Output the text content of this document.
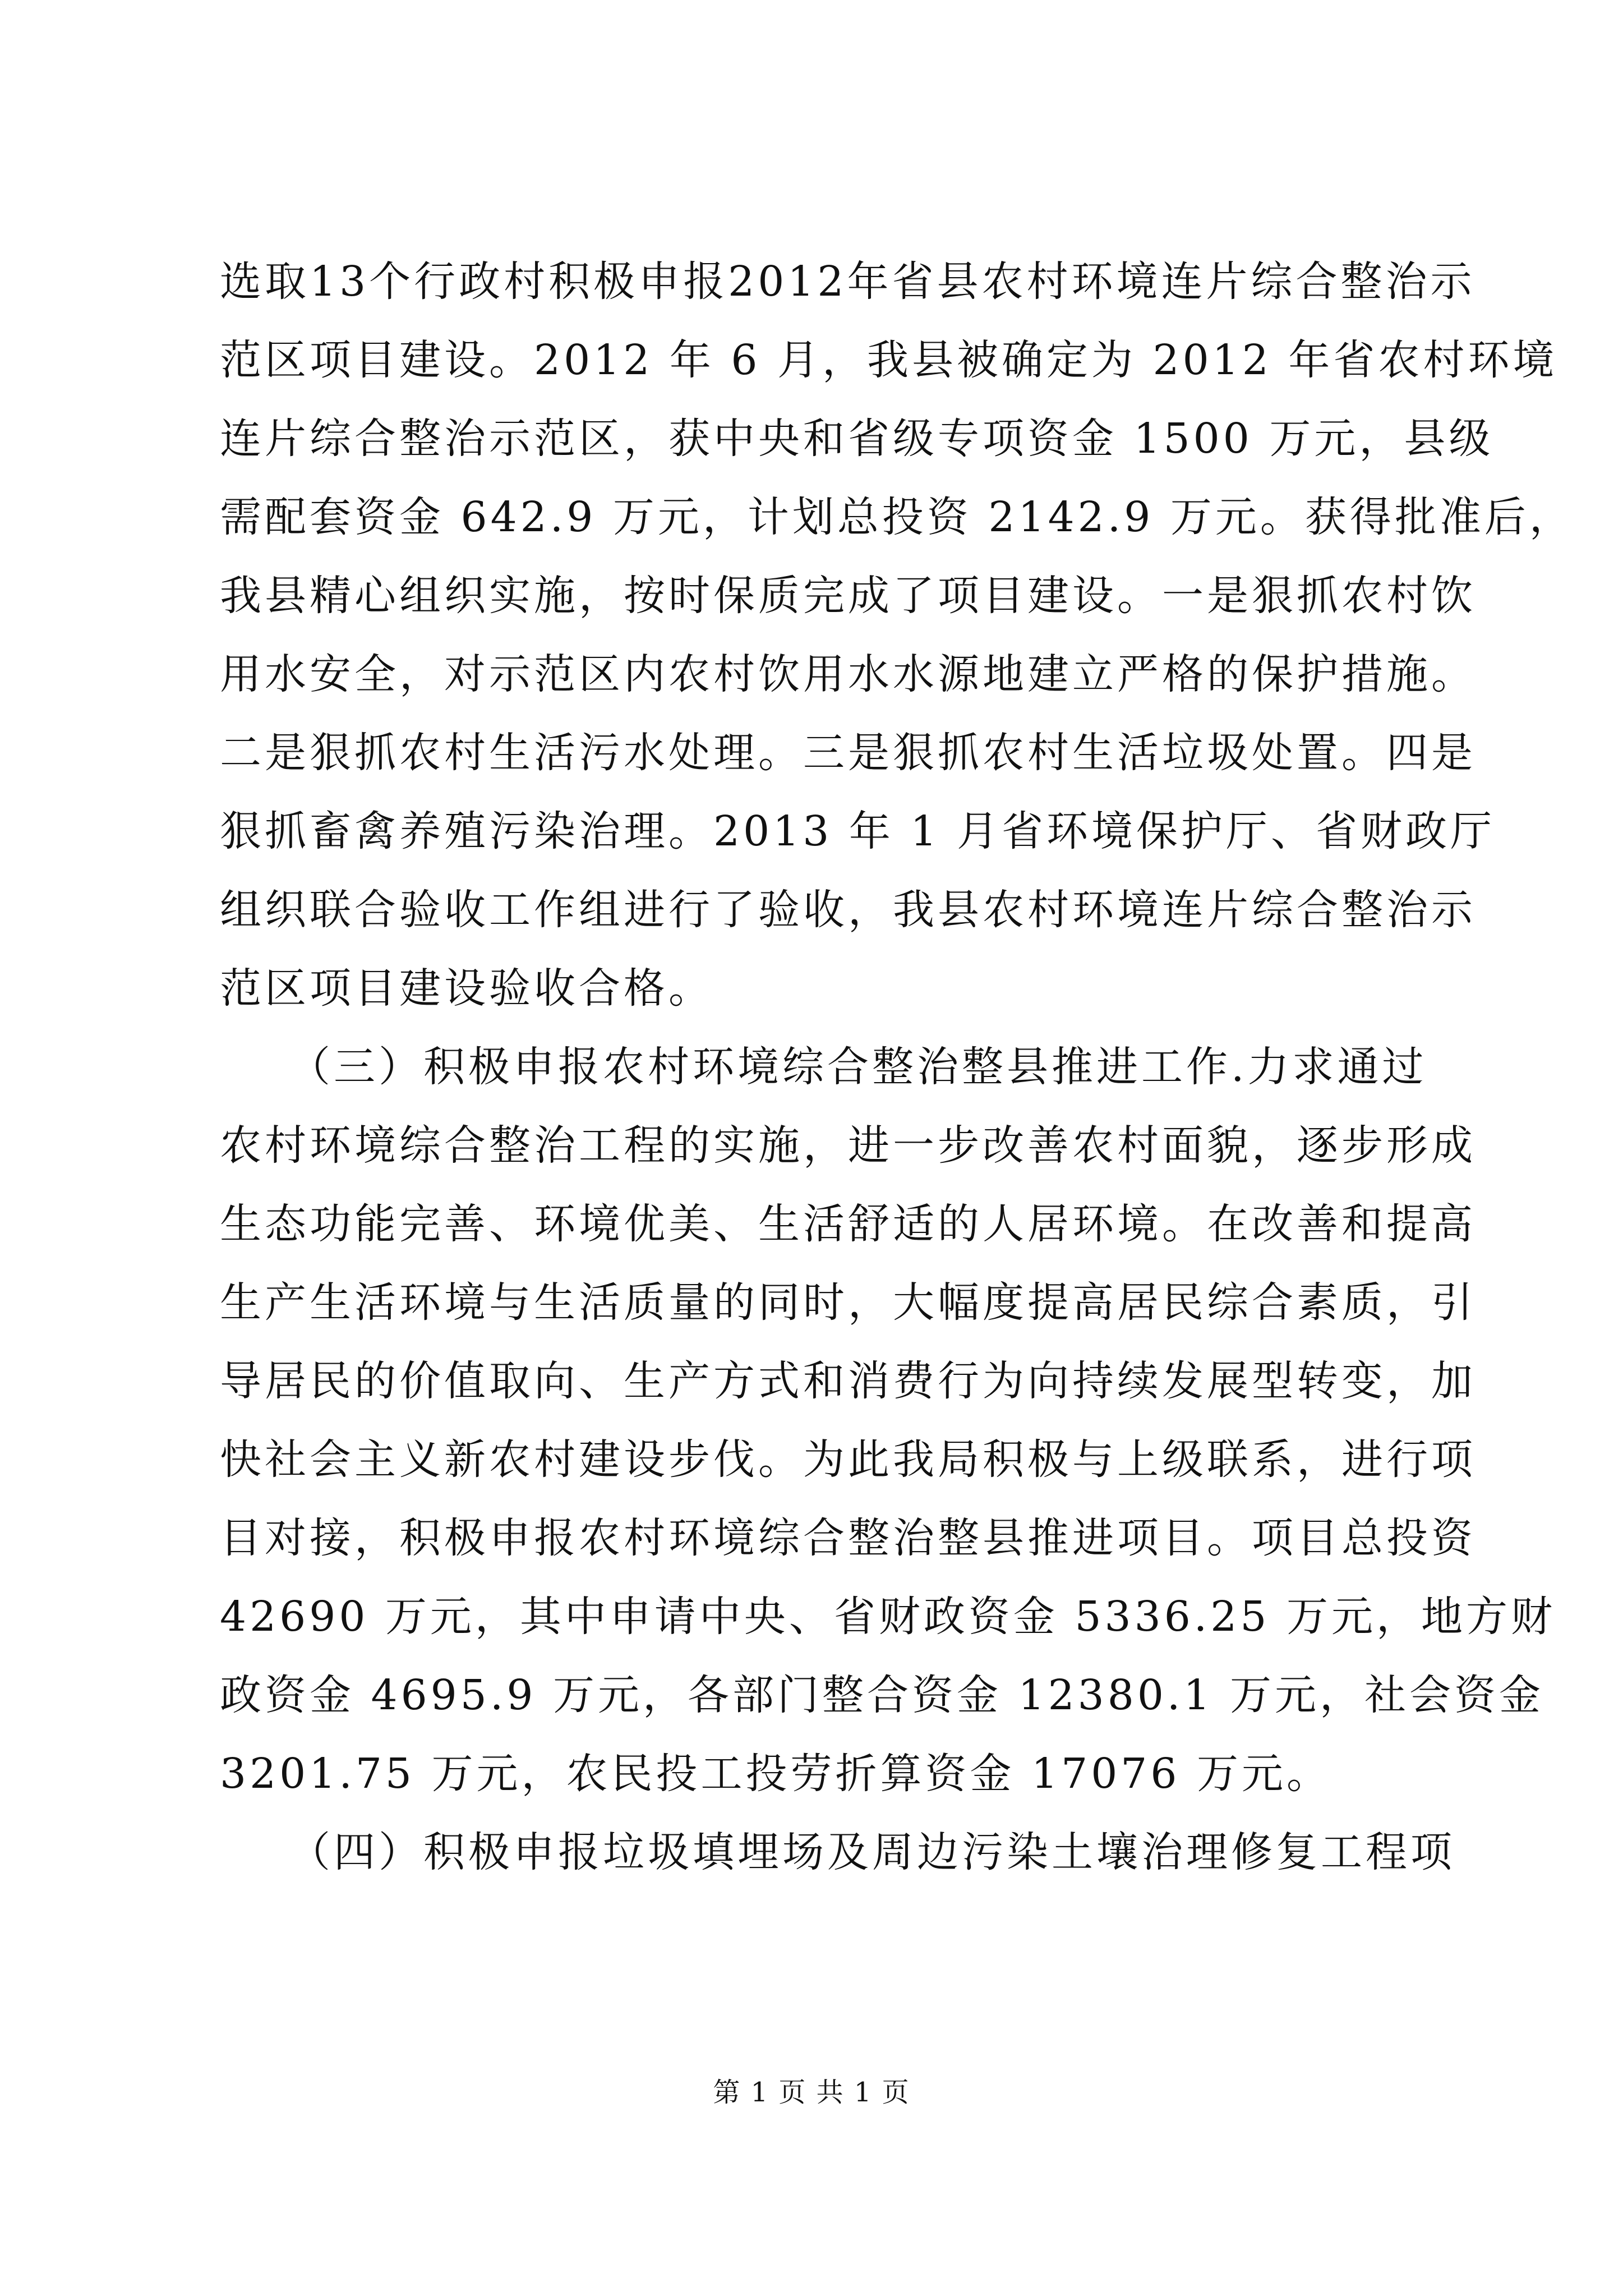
选取13个行政村积极申报2012年省县农村环境连片综合整治示
范区项目建设。2012 年 6 月，我县被确定为 2012 年省农村环境
连片综合整治示范区，获中央和省级专项资金 1500 万元，县级
需配套资金 642.9 万元，计划总投资 2142.9 万元。获得批准后，
我县精心组织实施，按时保质完成了项目建设。一是狠抓农村饮
用水安全，对示范区内农村饮用水水源地建立严格的保护措施。
二是狠抓农村生活污水处理。三是狠抓农村生活垃圾处置。四是
狠抓畜禽养殖污染治理。2013 年 1 月省环境保护厅、省财政厅
组织联合验收工作组进行了验收，我县农村环境连片综合整治示
范区项目建设验收合格。
　　（三）积极申报农村环境综合整治整县推进工作.力求通过
农村环境综合整治工程的实施，进一步改善农村面貌，逐步形成
生态功能完善、环境优美、生活舒适的人居环境。在改善和提高
生产生活环境与生活质量的同时，大幅度提高居民综合素质，引
导居民的价值取向、生产方式和消费行为向持续发展型转变，加
快社会主义新农村建设步伐。为此我局积极与上级联系，进行项
目对接，积极申报农村环境综合整治整县推进项目。项目总投资
42690 万元，其中申请中央、省财政资金 5336.25 万元，地方财
政资金 4695.9 万元，各部门整合资金 12380.1 万元，社会资金
3201.75 万元，农民投工投劳折算资金 17076 万元。
　　（四）积极申报垃圾填埋场及周边污染土壤治理修复工程项
第 1 页 共 1 页
